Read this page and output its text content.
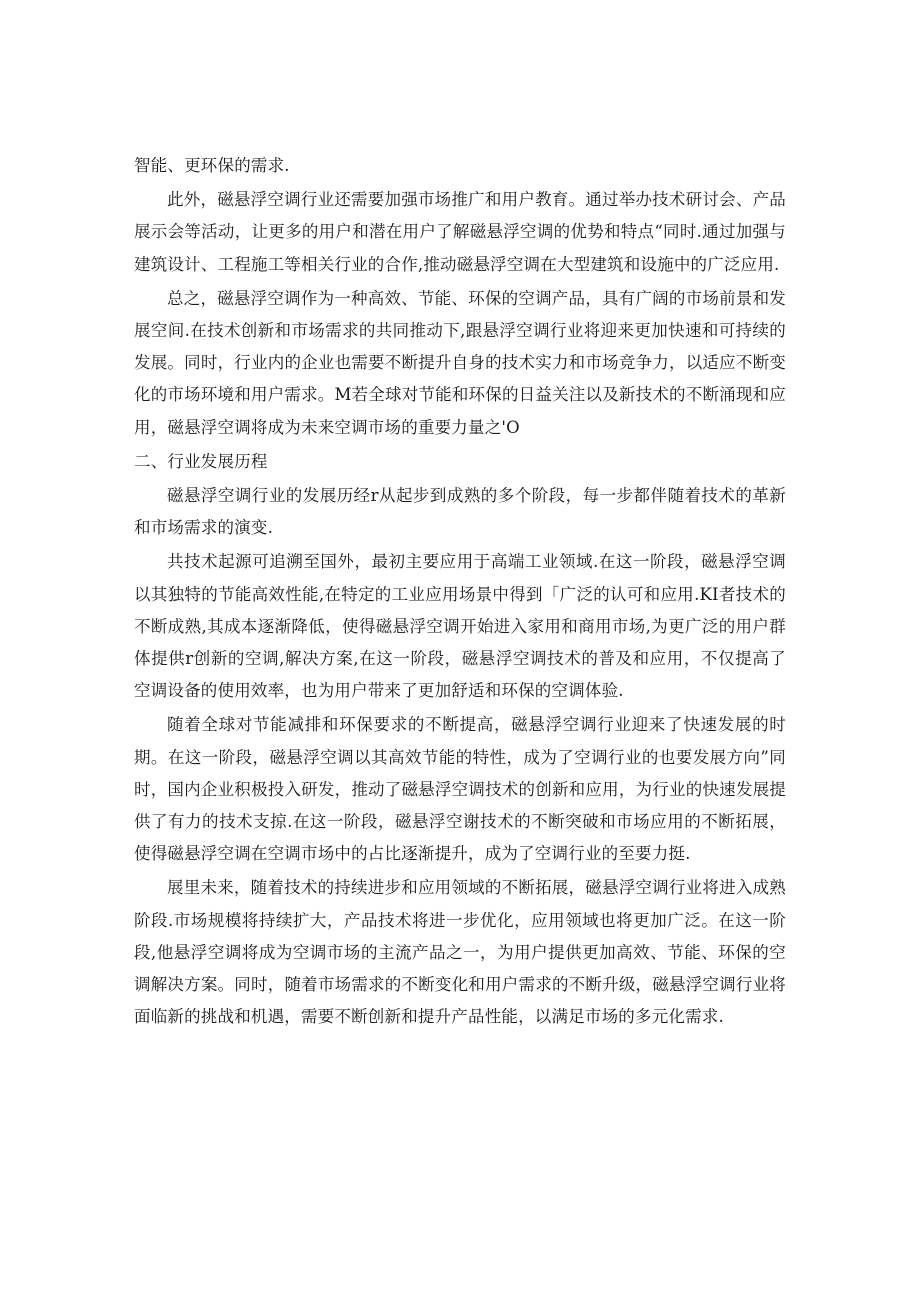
智能、更环保的需求.

此外，磁悬浮空调行业还需要加强市场推广和用户教育。通过举办技术研讨会、产品展示会等活动，让更多的用户和潜在用户了解磁悬浮空调的优势和特点“同时.通过加强与建筑设计、工程施工等相关行业的合作,推动磁悬浮空调在大型建筑和设施中的广泛应用.

总之，磁悬浮空调作为一种高效、节能、环保的空调产品，具有广阔的市场前景和发展空间.在技术创新和市场需求的共同推动下,跟悬浮空调行业将迎来更加快速和可持续的发展。同时，行业内的企业也需要不断提升自身的技术实力和市场竞争力，以适应不断变化的市场环境和用户需求。M若全球对节能和环保的日益关注以及新技术的不断涌现和应用，磁悬浮空调将成为未来空调市场的重要力量之'O

二、行业发展历程

磁悬浮空调行业的发展历经r从起步到成熟的多个阶段，每一步都伴随着技术的革新和市场需求的演变.

共技术起源可追溯至国外，最初主要应用于高端工业领域.在这一阶段，磁悬浮空调以其独特的节能高效性能,在特定的工业应用场景中得到「广泛的认可和应用.KI者技术的不断成熟,其成本逐渐降低，使得磁悬浮空调开始进入家用和商用市场,为更广泛的用户群体提供r创新的空调,解决方案,在这一阶段，磁悬浮空调技术的普及和应用，不仅提高了空调设备的使用效率，也为用户带来了更加舒适和环保的空调体验.

随着全球对节能减排和环保要求的不断提高，磁悬浮空调行业迎来了快速发展的时期。在这一阶段，磁悬浮空调以其高效节能的特性，成为了空调行业的也要发展方向”同时，国内企业积极投入研发，推动了磁悬浮空调技术的创新和应用，为行业的快速发展提供了有力的技术支掠.在这一阶段，磁悬浮空谢技术的不断突破和市场应用的不断拓展，使得磁悬浮空调在空调市场中的占比逐渐提升，成为了空调行业的至要力挺.

展里未来，随着技术的持续进步和应用领域的不断拓展，磁悬浮空调行业将进入成熟阶段.市场规模将持续扩大，产品技术将进一步优化，应用领域也将更加广泛。在这一阶段,他悬浮空调将成为空调市场的主流产品之一，为用户提供更加高效、节能、环保的空调解决方案。同时，随着市场需求的不断变化和用户需求的不断升级，磁悬浮空调行业将面临新的挑战和机遇，需要不断创新和提升产品性能，以满足市场的多元化需求.
